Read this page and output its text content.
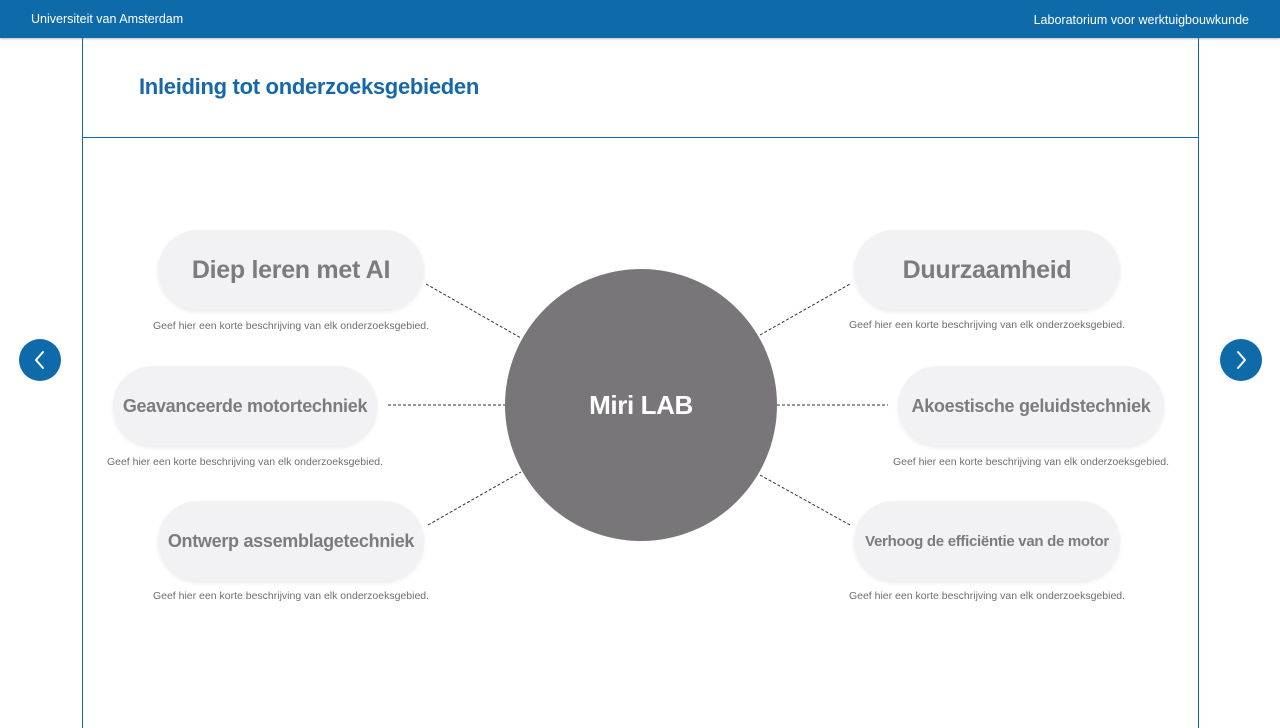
Universiteit van Amsterdam	Laboratorium voor werktuigbouwkunde
Inleiding tot onderzoeksgebieden
Miri LAB
Diep leren met AI
Geef hier een korte beschrijving van elk onderzoeksgebied.
Geavanceerde motortechniek
Geef hier een korte beschrijving van elk onderzoeksgebied.
Ontwerp assemblagetechniek
Geef hier een korte beschrijving van elk onderzoeksgebied.
Duurzaamheid
Geef hier een korte beschrijving van elk onderzoeksgebied.
Akoestische geluidstechniek
Geef hier een korte beschrijving van elk onderzoeksgebied.
Verhoog de efficiëntie van de motor
Geef hier een korte beschrijving van elk onderzoeksgebied.
